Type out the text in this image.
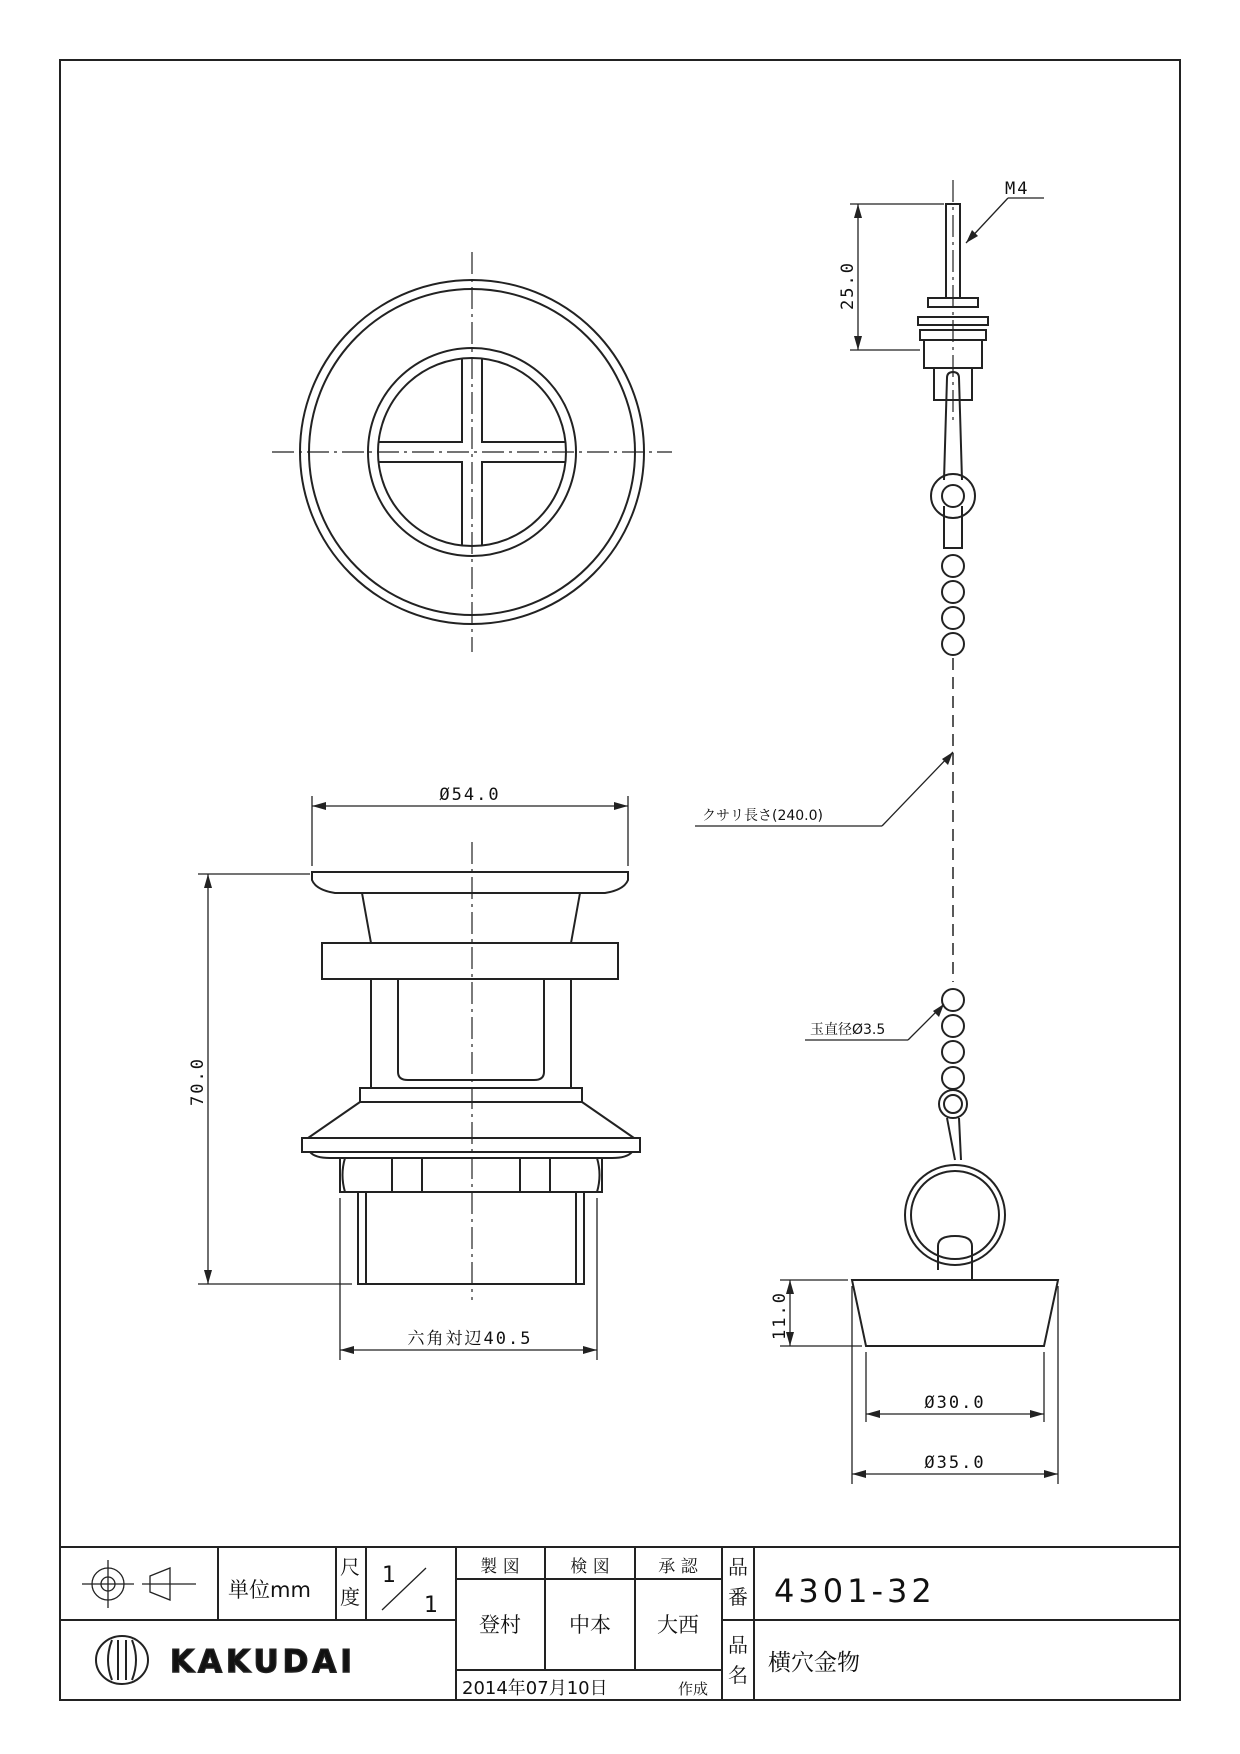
M4
25.0
Ø54.0
70.0
六角対辺40.5
クサリ長さ(240.0)
玉直径Ø3.5
11.0
Ø30.0
Ø35.0
単位mm
尺
度
1
1
製 図	検 図	承 認
登村 中本 大西
2014年07月10日	作成
品
番 4301-32
品
名 横穴金物
KAKUDAI
